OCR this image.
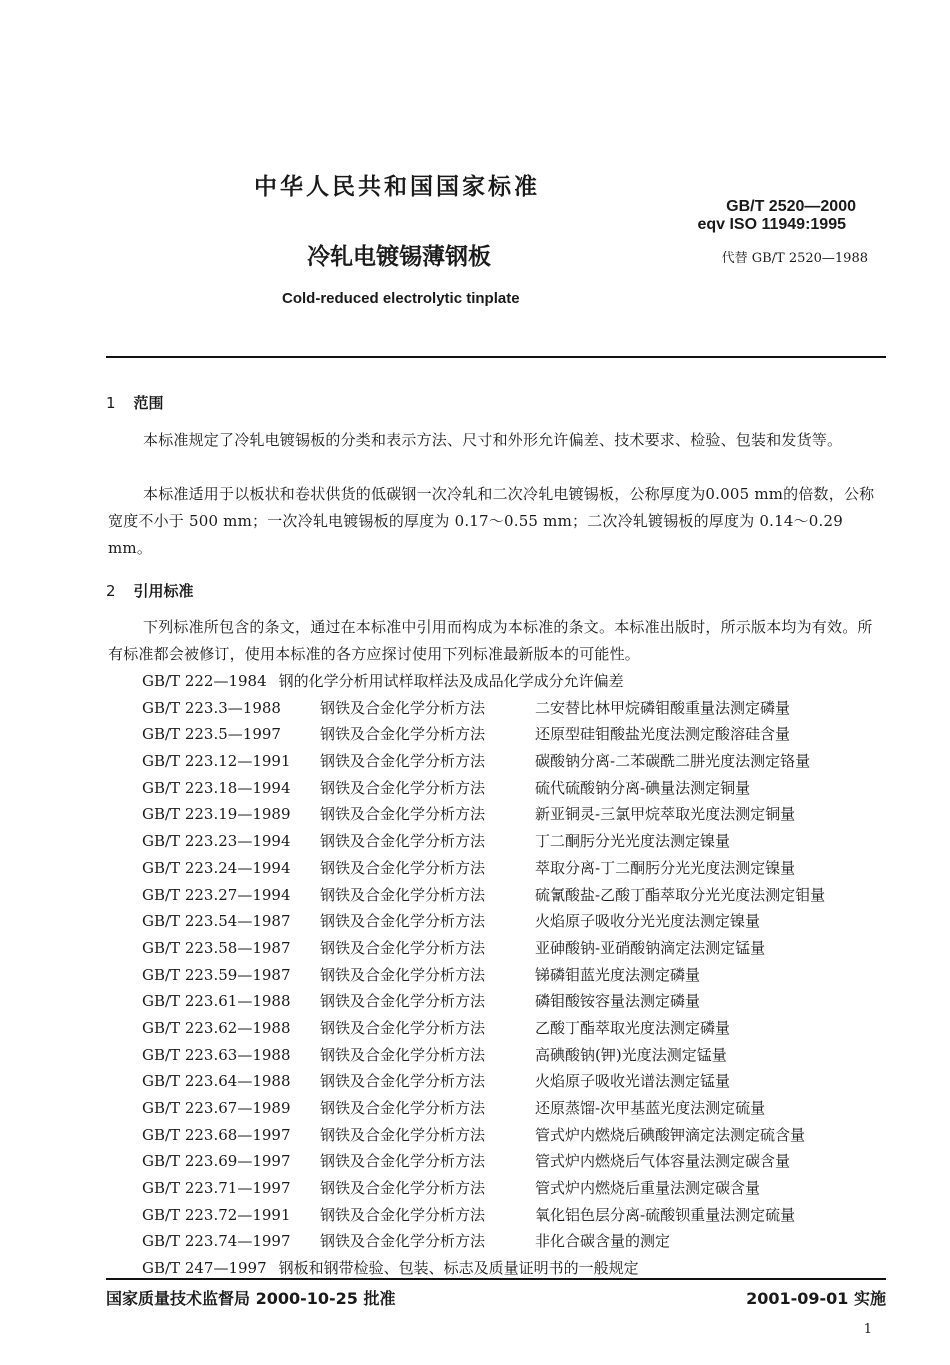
中华人民共和国国家标准
GB/T 2520—2000
eqv ISO 11949:1995
代替 GB/T 2520—1988
冷轧电镀锡薄钢板
Cold-reduced electrolytic tinplate
1 范围
本标准规定了冷轧电镀锡板的分类和表示方法、尺寸和外形允许偏差、技术要求、检验、包装和发货等。
本标准适用于以板状和卷状供货的低碳钢一次冷轧和二次冷轧电镀锡板，公称厚度为0.005 mm的倍数，公称宽度不小于 500 mm；一次冷轧电镀锡板的厚度为 0.17～0.55 mm；二次冷轧镀锡板的厚度为 0.14～0.29 mm。
2 引用标准
下列标准所包含的条文，通过在本标准中引用而构成为本标准的条文。本标准出版时，所示版本均为有效。所有标准都会被修订，使用本标准的各方应探讨使用下列标准最新版本的可能性。
GB/T 222—1984 钢的化学分析用试样取样法及成品化学成分允许偏差
GB/T 223.3—1988	钢铁及合金化学分析方法	二安替比林甲烷磷钼酸重量法测定磷量
GB/T 223.5—1997	钢铁及合金化学分析方法	还原型硅钼酸盐光度法测定酸溶硅含量
GB/T 223.12—1991 钢铁及合金化学分析方法	碳酸钠分离-二苯碳酰二肼光度法测定铬量
GB/T 223.18—1994 钢铁及合金化学分析方法	硫代硫酸钠分离-碘量法测定铜量
GB/T 223.19—1989 钢铁及合金化学分析方法	新亚铜灵-三氯甲烷萃取光度法测定铜量
GB/T 223.23—1994 钢铁及合金化学分析方法	丁二酮肟分光光度法测定镍量
GB/T 223.24—1994 钢铁及合金化学分析方法	萃取分离-丁二酮肟分光光度法测定镍量
GB/T 223.27—1994 钢铁及合金化学分析方法	硫氰酸盐-乙酸丁酯萃取分光光度法测定钼量
GB/T 223.54—1987 钢铁及合金化学分析方法	火焰原子吸收分光光度法测定镍量
GB/T 223.58—1987 钢铁及合金化学分析方法	亚砷酸钠-亚硝酸钠滴定法测定锰量
GB/T 223.59—1987 钢铁及合金化学分析方法	锑磷钼蓝光度法测定磷量
GB/T 223.61—1988 钢铁及合金化学分析方法	磷钼酸铵容量法测定磷量
GB/T 223.62—1988 钢铁及合金化学分析方法	乙酸丁酯萃取光度法测定磷量
GB/T 223.63—1988 钢铁及合金化学分析方法	高碘酸钠(钾)光度法测定锰量
GB/T 223.64—1988 钢铁及合金化学分析方法	火焰原子吸收光谱法测定锰量
GB/T 223.67—1989 钢铁及合金化学分析方法	还原蒸馏-次甲基蓝光度法测定硫量
GB/T 223.68—1997 钢铁及合金化学分析方法	管式炉内燃烧后碘酸钾滴定法测定硫含量
GB/T 223.69—1997 钢铁及合金化学分析方法	管式炉内燃烧后气体容量法测定碳含量
GB/T 223.71—1997 钢铁及合金化学分析方法	管式炉内燃烧后重量法测定碳含量
GB/T 223.72—1991 钢铁及合金化学分析方法	氧化铝色层分离-硫酸钡重量法测定硫量
GB/T 223.74—1997 钢铁及合金化学分析方法	非化合碳含量的测定
GB/T 247—1997 钢板和钢带检验、包装、标志及质量证明书的一般规定
国家质量技术监督局 2000-10-25 批准	2001-09-01 实施
1
